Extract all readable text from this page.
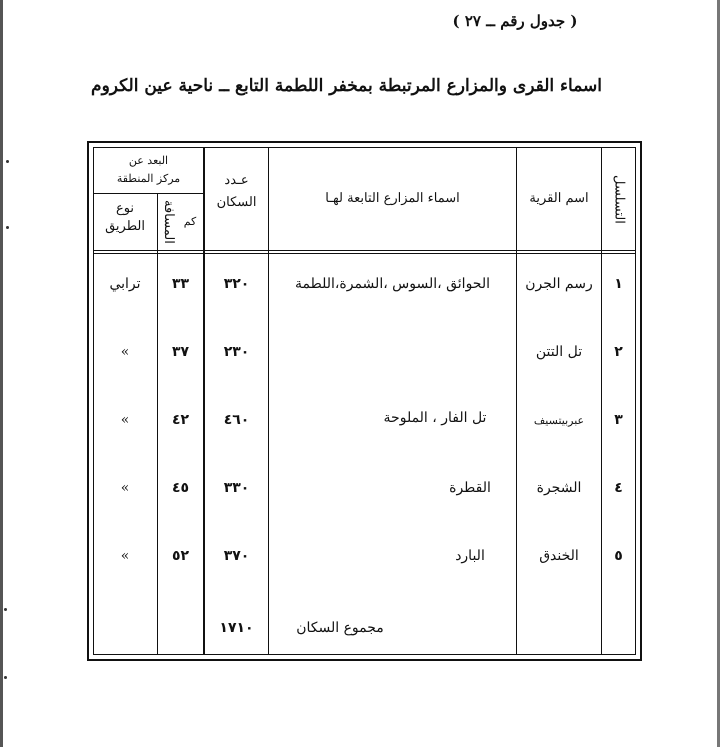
( جدول رقم ــ ٢٧ )
اسماء القرى والمزارع المرتبطة بمخفر اللطمة التابع ــ ناحية عين الكروم
التسلسل
اسم القرية
اسماء المزارع التابعة لهـا
عـدد
السكان
البعد عن
مركز المنطقة
المسافة كم
نوع
الطريق
١
رسم الجرن
الحوائق ،السوس ،الشمرة،اللطمة
٣٢٠
٣٣
ترابي
٢
تل التتن
٢٣٠
٣٧
»
٣
عبربيتسيف
تل الفار ، الملوحة
٤٦٠
٤٢
»
٤
الشجرة
القطرة
٣٣٠
٤٥
»
٥
الخندق
البارد
٣٧٠
٥٢
»
مجموع السكان
١٧١٠
